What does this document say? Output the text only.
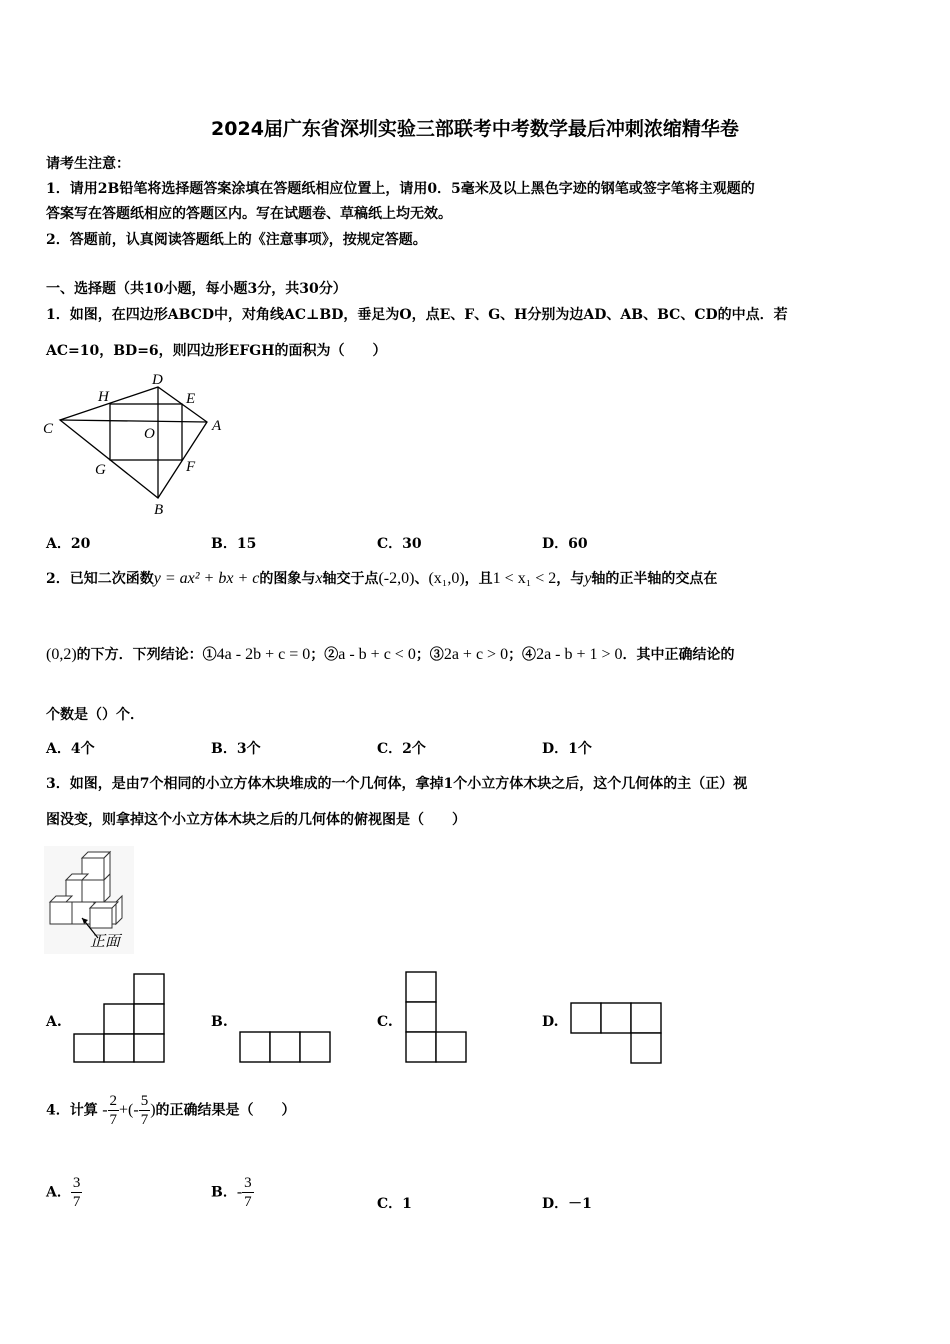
2024届广东省深圳实验三部联考中考数学最后冲刺浓缩精华卷
请考生注意：
1．请用2B铅笔将选择题答案涂填在答题纸相应位置上，请用0．5毫米及以上黑色字迹的钢笔或签字笔将主观题的
答案写在答题纸相应的答题区内。写在试题卷、草稿纸上均无效。
2．答题前，认真阅读答题纸上的《注意事项》，按规定答题。
一、选择题（共10小题，每小题3分，共30分）
1．如图，在四边形ABCD中，对角线AC⊥BD，垂足为O，点E、F、G、H分别为边AD、AB、BC、CD的中点．若
AC=10，BD=6，则四边形EFGH的面积为（　　）
D
H	E
C	O	A
G	F
B
A．20	B．15	C．30	D．60
2．已知二次函数y = ax² + bx + c的图象与x轴交于点(-2,0)、(x₁,0)，且1 < x₁ < 2，与y轴的正半轴的交点在
(0,2)的下方．下列结论：①4a - 2b + c = 0；②a - b + c < 0；③2a + c > 0；④2a - b + 1 > 0．其中正确结论的
个数是（）个．
A．4个	B．3个	C．2个	D．1个
3．如图，是由7个相同的小立方体木块堆成的一个几何体，拿掉1个小立方体木块之后，这个几何体的主（正）视
图没变，则拿掉这个小立方体木块之后的几何体的俯视图是（　　）
正面
A.	B.	C.	D.
4．计算 - $\frac{2}{7}$ +(- $\frac{5}{7}$ )的正确结果是（　　）
A． $\frac{3}{7}$	B．- $\frac{3}{7}$	C．1	D．－1
